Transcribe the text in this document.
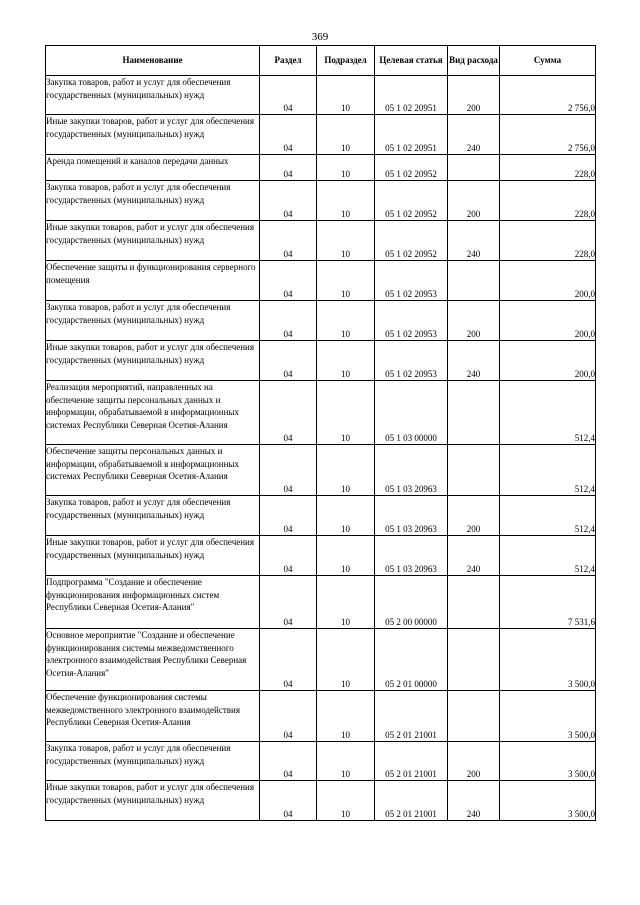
369
Наименование	Раздел	Подраздел	Целевая статья	Вид расхода	Сумма
Закупка товаров, работ и услуг для обеспечения государственных (муниципальных) нужд	04	10	05 1 02 20951	200	2 756,0
Иные закупки товаров, работ и услуг для обеспечения государственных (муниципальных) нужд	04	10	05 1 02 20951	240	2 756,0
Аренда помещений и каналов передачи данных	04	10	05 1 02 20952		228,0
Закупка товаров, работ и услуг для обеспечения государственных (муниципальных) нужд	04	10	05 1 02 20952	200	228,0
Иные закупки товаров, работ и услуг для обеспечения государственных (муниципальных) нужд	04	10	05 1 02 20952	240	228,0
Обеспечение защиты и функционирования серверного помещения	04	10	05 1 02 20953		200,0
Закупка товаров, работ и услуг для обеспечения государственных (муниципальных) нужд	04	10	05 1 02 20953	200	200,0
Иные закупки товаров, работ и услуг для обеспечения государственных (муниципальных) нужд	04	10	05 1 02 20953	240	200,0
Реализация мероприятий, направленных на обеспечение защиты персональных данных и информации, обрабатываемой в информационных системах Республики Северная Осетия-Алания	04	10	05 1 03 00000		512,4
Обеспечение защиты персональных данных и информации, обрабатываемой в информационных системах Республики Северная Осетия-Алания	04	10	05 1 03 20963		512,4
Закупка товаров, работ и услуг для обеспечения государственных (муниципальных) нужд	04	10	05 1 03 20963	200	512,4
Иные закупки товаров, работ и услуг для обеспечения государственных (муниципальных) нужд	04	10	05 1 03 20963	240	512,4
Подпрограмма "Создание и обеспечение функционирования информационных систем Республики Северная Осетия-Алания"	04	10	05 2 00 00000		7 531,6
Основное мероприятие "Создание и обеспечение функционирования системы межведомственного электронного взаимодействия Республики Северная Осетия-Алания"	04	10	05 2 01 00000		3 500,0
Обеспечение функционирования системы межведомственного электронного взаимодействия Республики Северная Осетия-Алания	04	10	05 2 01 21001		3 500,0
Закупка товаров, работ и услуг для обеспечения государственных (муниципальных) нужд	04	10	05 2 01 21001	200	3 500,0
Иные закупки товаров, работ и услуг для обеспечения государственных (муниципальных) нужд	04	10	05 2 01 21001	240	3 500,0
